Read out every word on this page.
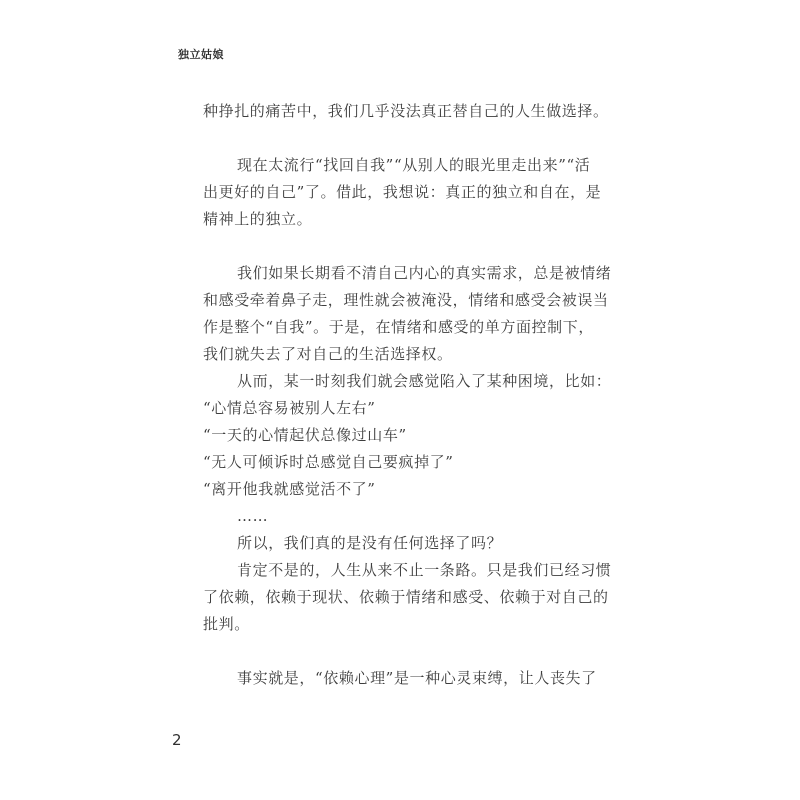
独立姑娘
种挣扎的痛苦中，我们几乎没法真正替自己的人生做选择。

现在太流行“找回自我”“从别人的眼光里走出来”“活
出更好的自己”了。借此，我想说：真正的独立和自在，是
精神上的独立。

我们如果长期看不清自己内心的真实需求，总是被情绪
和感受牵着鼻子走，理性就会被淹没，情绪和感受会被误当
作是整个“自我”。于是，在情绪和感受的单方面控制下，
我们就失去了对自己的生活选择权。
从而，某一时刻我们就会感觉陷入了某种困境，比如：
“心情总容易被别人左右”
“一天的心情起伏总像过山车”
“无人可倾诉时总感觉自己要疯掉了”
“离开他我就感觉活不了”
……
所以，我们真的是没有任何选择了吗？
肯定不是的，人生从来不止一条路。只是我们已经习惯
了依赖，依赖于现状、依赖于情绪和感受、依赖于对自己的
批判。

事实就是，“依赖心理”是一种心灵束缚，让人丧失了
2
